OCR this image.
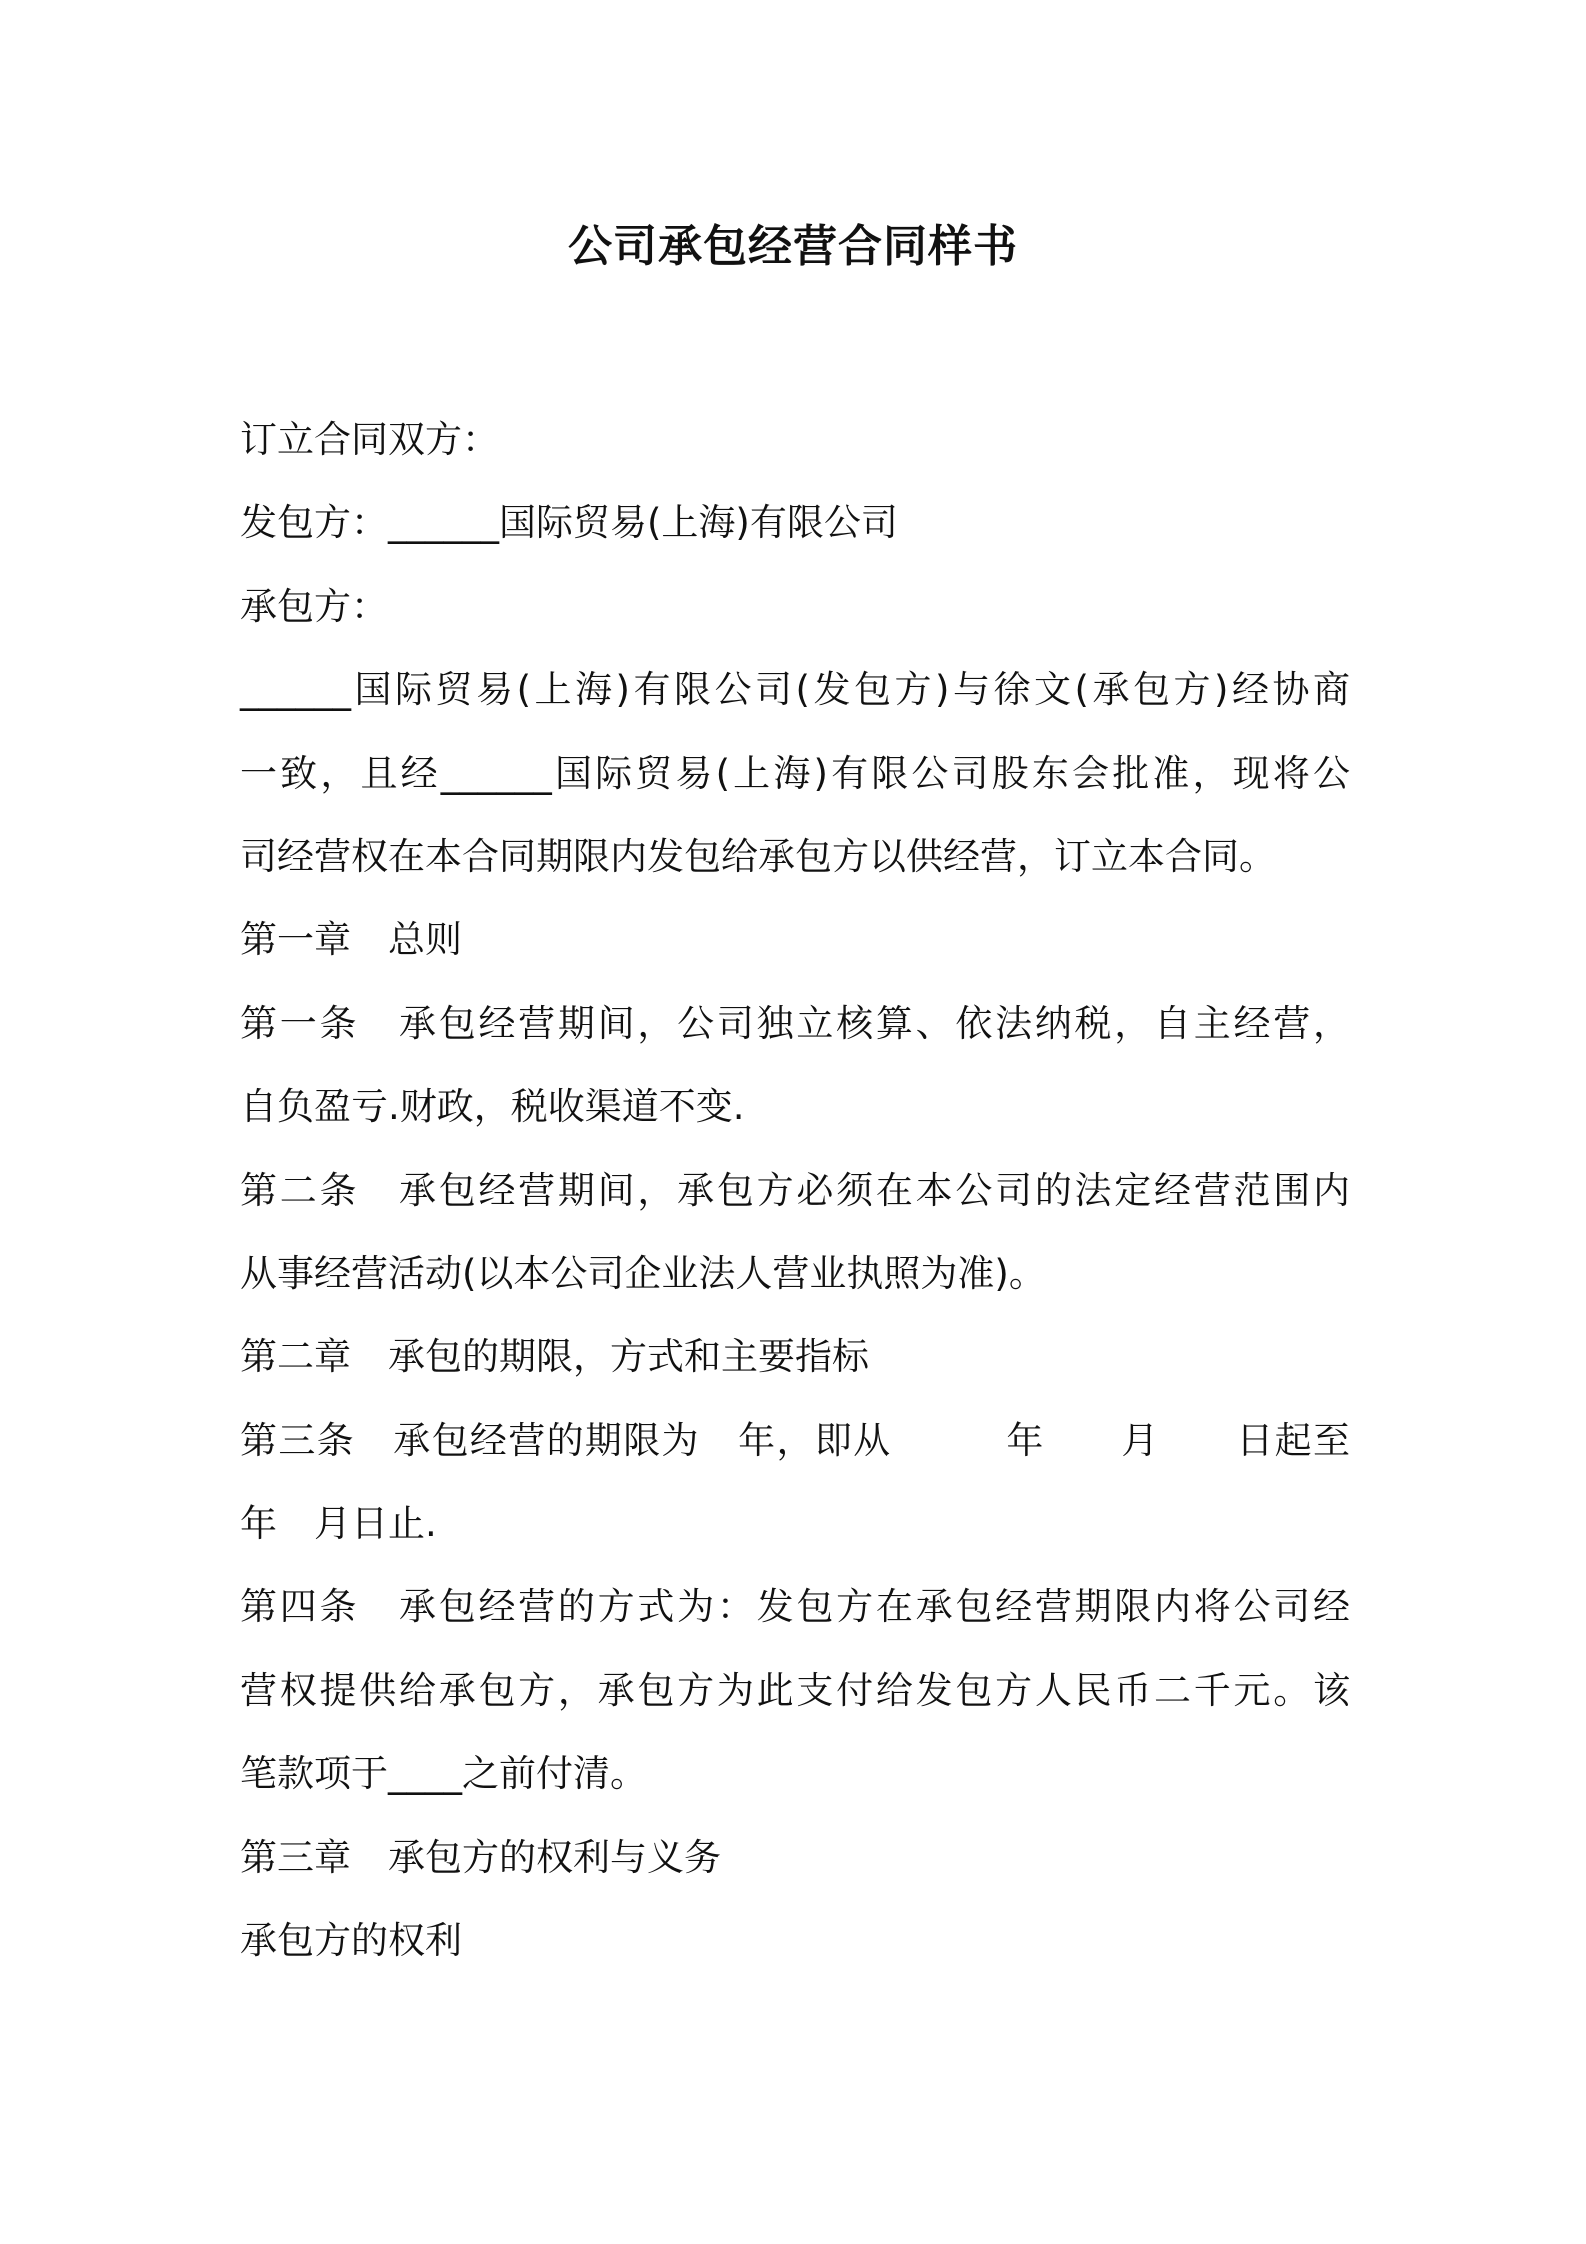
公司承包经营合同样书
订立合同双方：
发包方：______国际贸易(上海)有限公司
承包方：
______国际贸易(上海)有限公司(发包方)与徐文(承包方)经协商
一致，且经______国际贸易(上海)有限公司股东会批准，现将公
司经营权在本合同期限内发包给承包方以供经营，订立本合同。
第一章　总则
第一条　承包经营期间，公司独立核算、依法纳税，自主经营，
自负盈亏.财政，税收渠道不变.
第二条　承包经营期间，承包方必须在本公司的法定经营范围内
从事经营活动(以本公司企业法人营业执照为准)。
第二章　承包的期限，方式和主要指标
第三条　承包经营的期限为　年，即从　　　年　　月　　日起至
年　月日止.
第四条　承包经营的方式为：发包方在承包经营期限内将公司经
营权提供给承包方，承包方为此支付给发包方人民币二千元。该
笔款项于____之前付清。
第三章　承包方的权利与义务
承包方的权利
